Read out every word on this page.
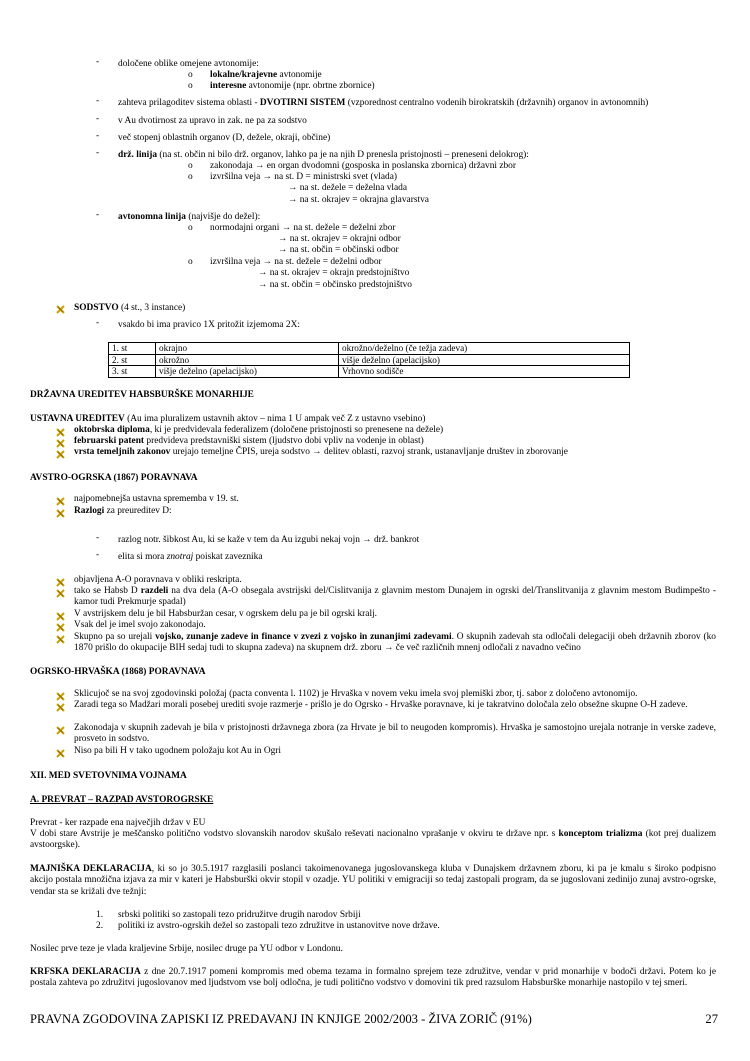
- določene oblike omejene avtonomije:
o lokalne/krajevne avtonomije
o interesne avtonomije (npr. obrtne zbornice)
- zahteva prilagoditev sistema oblasti - DVOTIRNI SISTEM (vzporednost centralno vodenih birokratskih (državnih) organov in avtonomnih)
- v Au dvotirnost za upravo in zak. ne pa za sodstvo
- več stopenj oblastnih organov (D, dežele, okraji, občine)
- drž. linija (na st. občin ni bilo drž. organov, lahko pa je na njih D prenesla pristojnosti – preneseni delokrog):
o zakonodaja → en organ dvodomni (gosposka in poslanska zbornica) državni zbor
o izvršilna veja → na st. D = ministrski svet (vlada)
→ na st. dežele = deželna vlada
→ na st. okrajev = okrajna glavarstva
- avtonomna linija (najvišje do dežel):
o normodajni organi → na st. dežele = deželni zbor
→ na st. okrajev = okrajni odbor
→ na st. občin = občinski odbor
o izvršilna veja → na st. dežele = deželni odbor
→ na st. okrajev = okrajn predstojništvo
→ na st. občin = občinsko predstojništvo
SODSTVO (4 st., 3 instance)
- vsakdo bi ima pravico 1X pritožit izjemoma 2X:
1. st	okrajno	okrožno/deželno (če težja zadeva)
2. st	okrožno	višje deželno (apelacijsko)
3. st	višje deželno (apelacijsko)	Vrhovno sodišče
DRŽAVNA UREDITEV HABSBURŠKE MONARHIJE
USTAVNA UREDITEV (Au ima pluralizem ustavnih aktov – nima 1 U ampak več Z z ustavno vsebino)
oktobrska diploma, ki je predvidevala federalizem (določene pristojnosti so prenesene na dežele)
februarski patent predvideva predstavniški sistem (ljudstvo dobi vpliv na vodenje in oblast)
vrsta temeljnih zakonov urejajo temeljne ČPIS, ureja sodstvo → delitev oblasti, razvoj strank, ustanavljanje društev in zborovanje
AVSTRO-OGRSKA (1867) PORAVNAVA
najpomebnejša ustavna sprememba v 19. st.
Razlogi za preureditev D:
- razlog notr. šibkost Au, ki se kaže v tem da Au izgubi nekaj vojn → drž. bankrot
- elita si mora znotraj poiskat zaveznika
objavljena A-O poravnava v obliki reskripta.
tako se Habsb D razdeli na dva dela (A-O obsegala avstrijski del/Cislitvanija z glavnim mestom Dunajem in ogrski del/Translitvanija z glavnim mestom Budimpešto - kamor tudi Prekmurje spadal)
V avstrijskem delu je bil Habsburžan cesar, v ogrskem delu pa je bil ogrski kralj.
Vsak del je imel svojo zakonodajo.
Skupno pa so urejali vojsko, zunanje zadeve in finance v zvezi z vojsko in zunanjimi zadevami. O skupnih zadevah sta odločali delegaciji obeh državnih zborov (ko 1870 prišlo do okupacije BIH sedaj tudi to skupna zadeva) na skupnem drž. zboru → če več različnih mnenj odločali z navadno večino
OGRSKO-HRVAŠKA (1868) PORAVNAVA
Sklicujoč se na svoj zgodovinski položaj (pacta conventa l. 1102) je Hrvaška v novem veku imela svoj plemiški zbor, tj. sabor z določeno avtonomijo.
Zaradi tega so Madžari morali posebej urediti svoje razmerje - prišlo je do Ogrsko - Hrvaške poravnave, ki je takratvino določala zelo obsežne skupne O-H zadeve.
Zakonodaja v skupnih zadevah je bila v pristojnosti državnega zbora (za Hrvate je bil to neugoden kompromis). Hrvaška je samostojno urejala notranje in verske zadeve, prosveto in sodstvo.
Niso pa bili H v tako ugodnem položaju kot Au in Ogri
XII. MED SVETOVNIMA VOJNAMA
A. PREVRAT – RAZPAD AVSTOROGRSKE
Prevrat - ker razpade ena največjih držav v EU
V dobi stare Avstrije je meščansko politično vodstvo slovanskih narodov skušalo reševati nacionalno vprašanje v okviru te države npr. s konceptom trializma (kot prej dualizem avstoorgske).
MAJNIŠKA DEKLARACIJA, ki so jo 30.5.1917 razglasili poslanci takoimenovanega jugoslovanskega kluba v Dunajskem državnem zboru, ki pa je kmalu s široko podpisno akcijo postala množična izjava za mir v kateri je Habsburški okvir stopil v ozadje. YU politiki v emigraciji so tedaj zastopali program, da se jugoslovani zedinijo zunaj avstro-ogrske, vendar sta se križali dve težnji:
1. srbski politiki so zastopali tezo pridružitve drugih narodov Srbiji
2. politiki iz avstro-ogrskih dežel so zastopali tezo združitve in ustanovitve nove države.
Nosilec prve teze je vlada kraljevine Srbije, nosilec druge pa YU odbor v Londonu.
KRFSKA DEKLARACIJA z dne 20.7.1917 pomeni kompromis med obema tezama in formalno sprejem teze združitve, vendar v prid monarhije v bodoči državi. Potem ko je postala zahteva po združitvi jugoslovanov med ljudstvom vse bolj odločna, je tudi politično vodstvo v domovini tik pred razsulom Habsburške monarhije nastopilo v tej smeri.
PRAVNA ZGODOVINA ZAPISKI IZ PREDAVANJ IN KNJIGE 2002/2003 - ŽIVA ZORIČ (91%)	27
